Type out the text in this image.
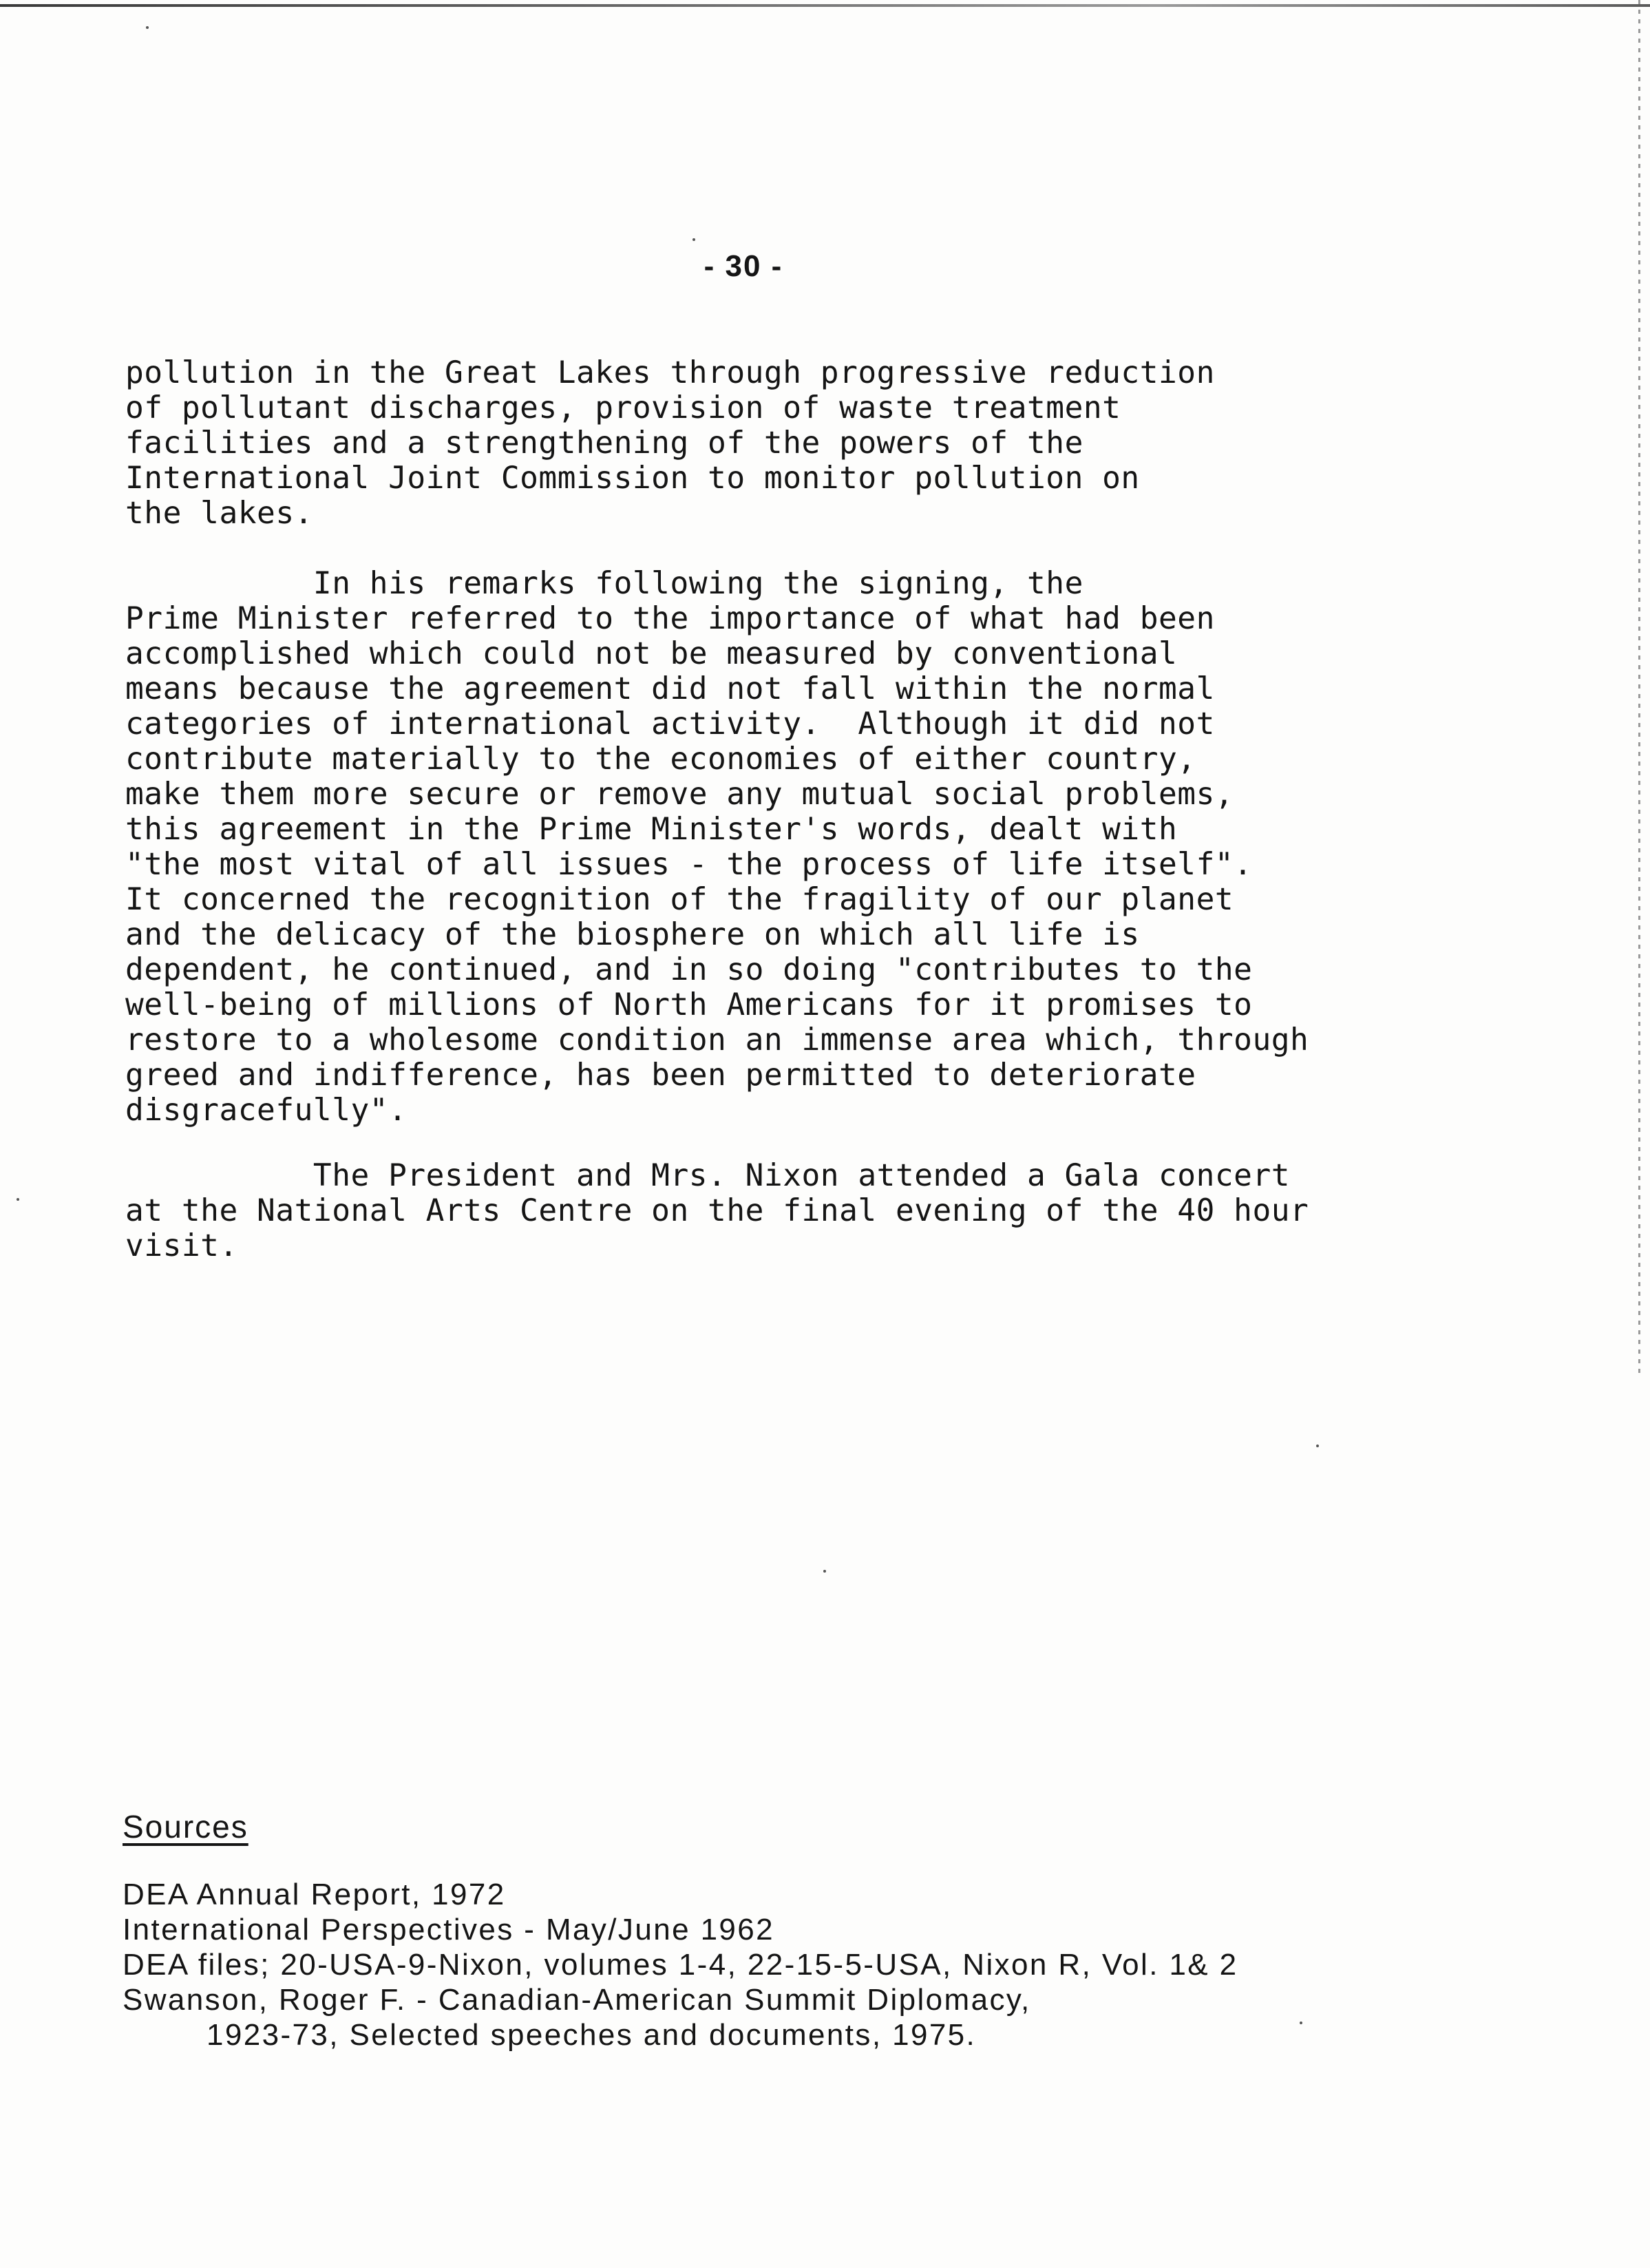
- 30 -

pollution in the Great Lakes through progressive reduction

of pollutant discharges, provision of waste treatment

facilities and a strengthening of the powers of the

International Joint Commission to monitor pollution on

the lakes.

In his remarks following the signing, the

Prime Minister referred to the importance of what had been

accomplished which could not be measured by conventional

means because the agreement did not fall within the normal

categories of international activity.  Although it did not

contribute materially to the economies of either country,

make them more secure or remove any mutual social problems,

this agreement in the Prime Minister's words, dealt with

"the most vital of all issues - the process of life itself".

It concerned the recognition of the fragility of our planet

and the delicacy of the biosphere on which all life is

dependent, he continued, and in so doing "contributes to the

well-being of millions of North Americans for it promises to

restore to a wholesome condition an immense area which, through

greed and indifference, has been permitted to deteriorate

disgracefully".

The President and Mrs. Nixon attended a Gala concert

at the National Arts Centre on the final evening of the 40 hour

visit.

Sources
DEA Annual Report, 1972
International Perspectives - May/June 1962
DEA files; 20-USA-9-Nixon, volumes 1-4, 22-15-5-USA, Nixon R, Vol. 1& 2
Swanson, Roger F. - Canadian-American Summit Diplomacy,
1923-73, Selected speeches and documents, 1975.
